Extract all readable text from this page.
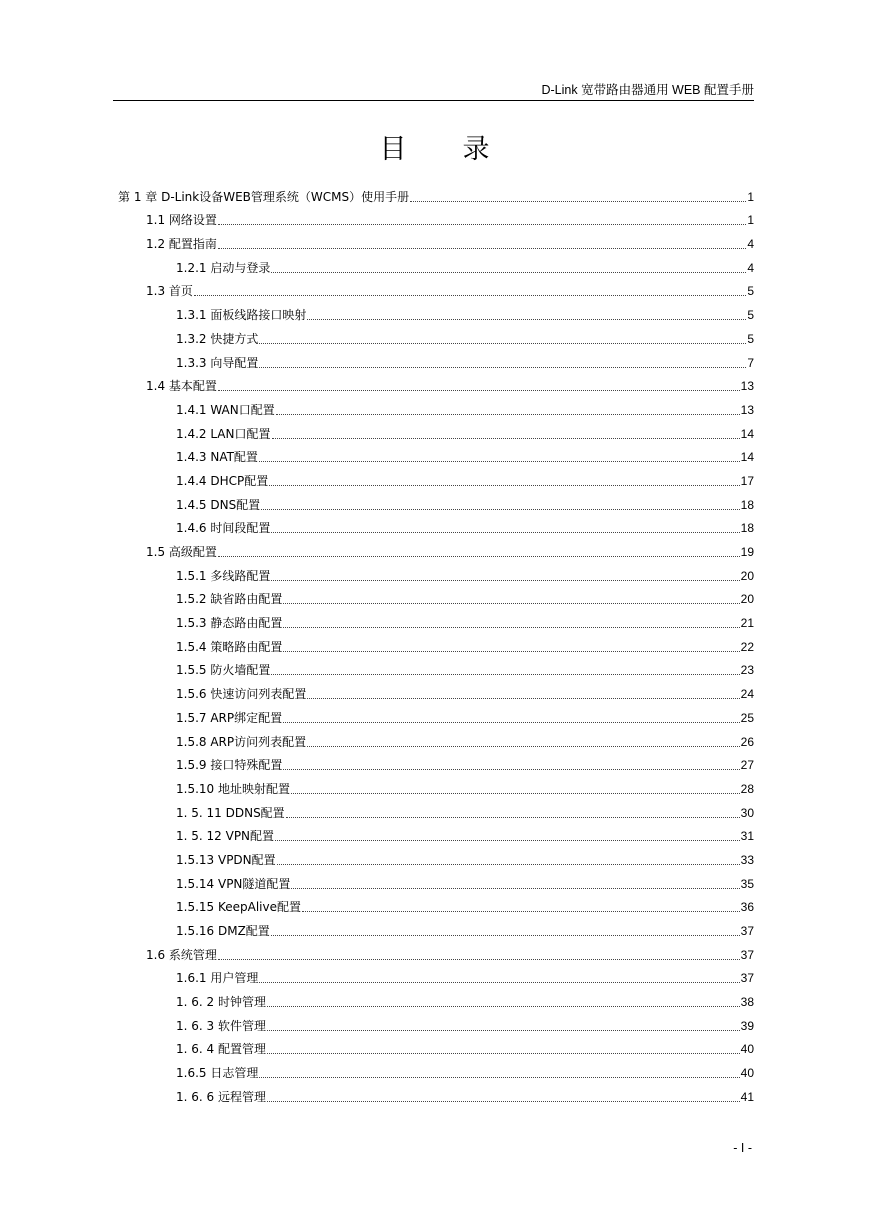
D-Link 宽带路由器通用 WEB 配置手册
目录
第 1 章 D-Link设备WEB管理系统（WCMS）使用手册	1
1.1 网络设置	1
1.2 配置指南	4
1.2.1 启动与登录	4
1.3 首页	5
1.3.1 面板线路接口映射	5
1.3.2 快捷方式	5
1.3.3 向导配置	7
1.4 基本配置	13
1.4.1 WAN口配置	13
1.4.2 LAN口配置	14
1.4.3 NAT配置	14
1.4.4 DHCP配置	17
1.4.5 DNS配置	18
1.4.6 时间段配置	18
1.5 高级配置	19
1.5.1 多线路配置	20
1.5.2 缺省路由配置	20
1.5.3 静态路由配置	21
1.5.4 策略路由配置	22
1.5.5 防火墙配置	23
1.5.6 快速访问列表配置	24
1.5.7 ARP绑定配置	25
1.5.8 ARP访问列表配置	26
1.5.9 接口特殊配置	27
1.5.10 地址映射配置	28
1. 5. 11 DDNS配置	30
1. 5. 12 VPN配置	31
1.5.13 VPDN配置	33
1.5.14 VPN隧道配置	35
1.5.15 KeepAlive配置	36
1.5.16 DMZ配置	37
1.6 系统管理	37
1.6.1 用户管理	37
1. 6. 2 时钟管理	38
1. 6. 3 软件管理	39
1. 6. 4 配置管理	40
1.6.5 日志管理	40
1. 6. 6 远程管理	41
- I -
